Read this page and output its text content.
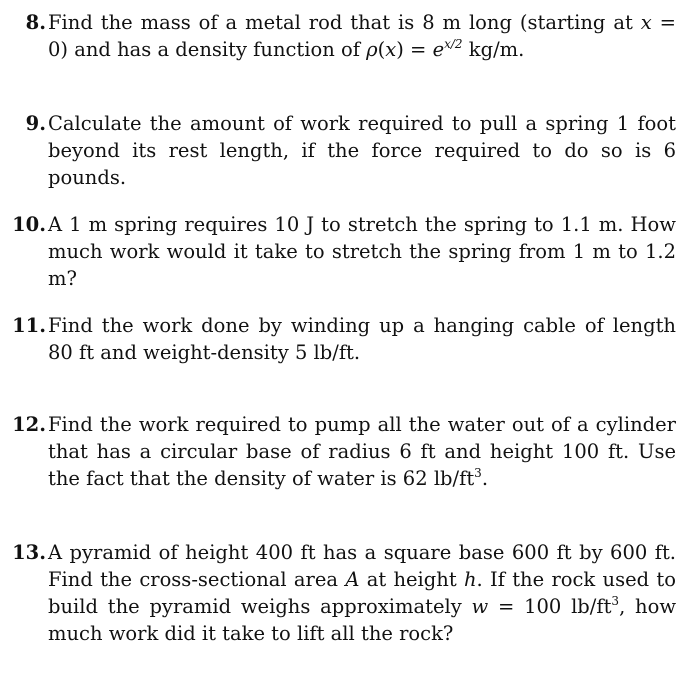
8. Find the mass of a metal rod that is 8 m long (starting at x = 0) and has a density function of $\rho(x) = e^{x/2}$ kg/m.
9. Calculate the amount of work required to pull a spring 1 foot beyond its rest length, if the force required to do so is 6 pounds.
10. A 1 m spring requires 10 J to stretch the spring to 1.1 m. How much work would it take to stretch the spring from 1 m to 1.2 m?
11. Find the work done by winding up a hanging cable of length 80 ft and weight-density 5 lb/ft.
12. Find the work required to pump all the water out of a cylinder that has a circular base of radius 6 ft and height 100 ft. Use the fact that the density of water is 62 $lb/ft^3$.
13. A pyramid of height 400 ft has a square base 600 ft by 600 ft. Find the cross-sectional area A at height h. If the rock used to build the pyramid weighs approximately w = 100 $lb/ft^3$, how much work did it take to lift all the rock?
